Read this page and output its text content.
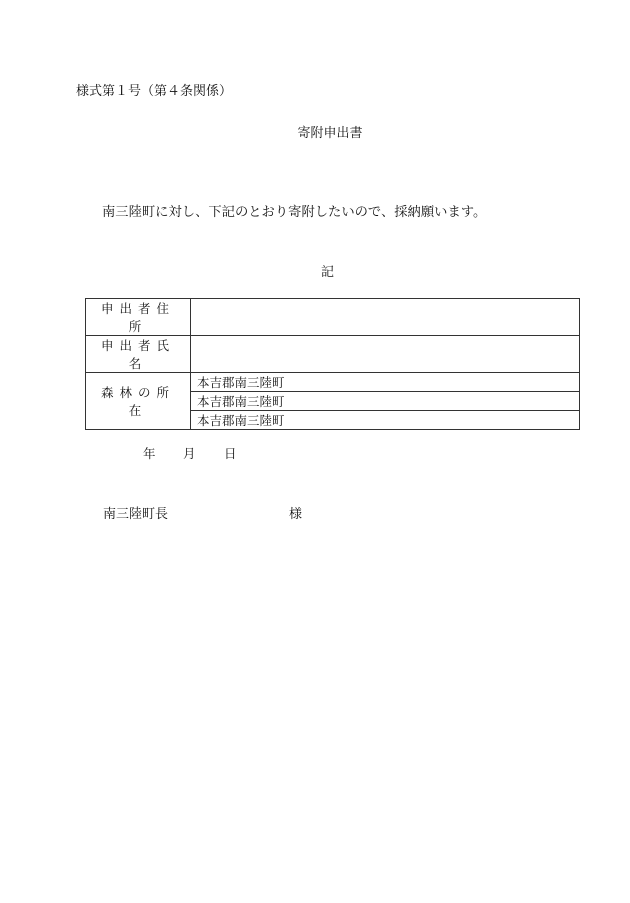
様式第１号（第４条関係）
寄附申出書
南三陸町に対し、下記のとおり寄附したいので、採納願います。
記
申出者住所	
申出者氏名	
森林の所在	本吉郡南三陸町
	本吉郡南三陸町
	本吉郡南三陸町
年 月 日
南三陸町長	様
